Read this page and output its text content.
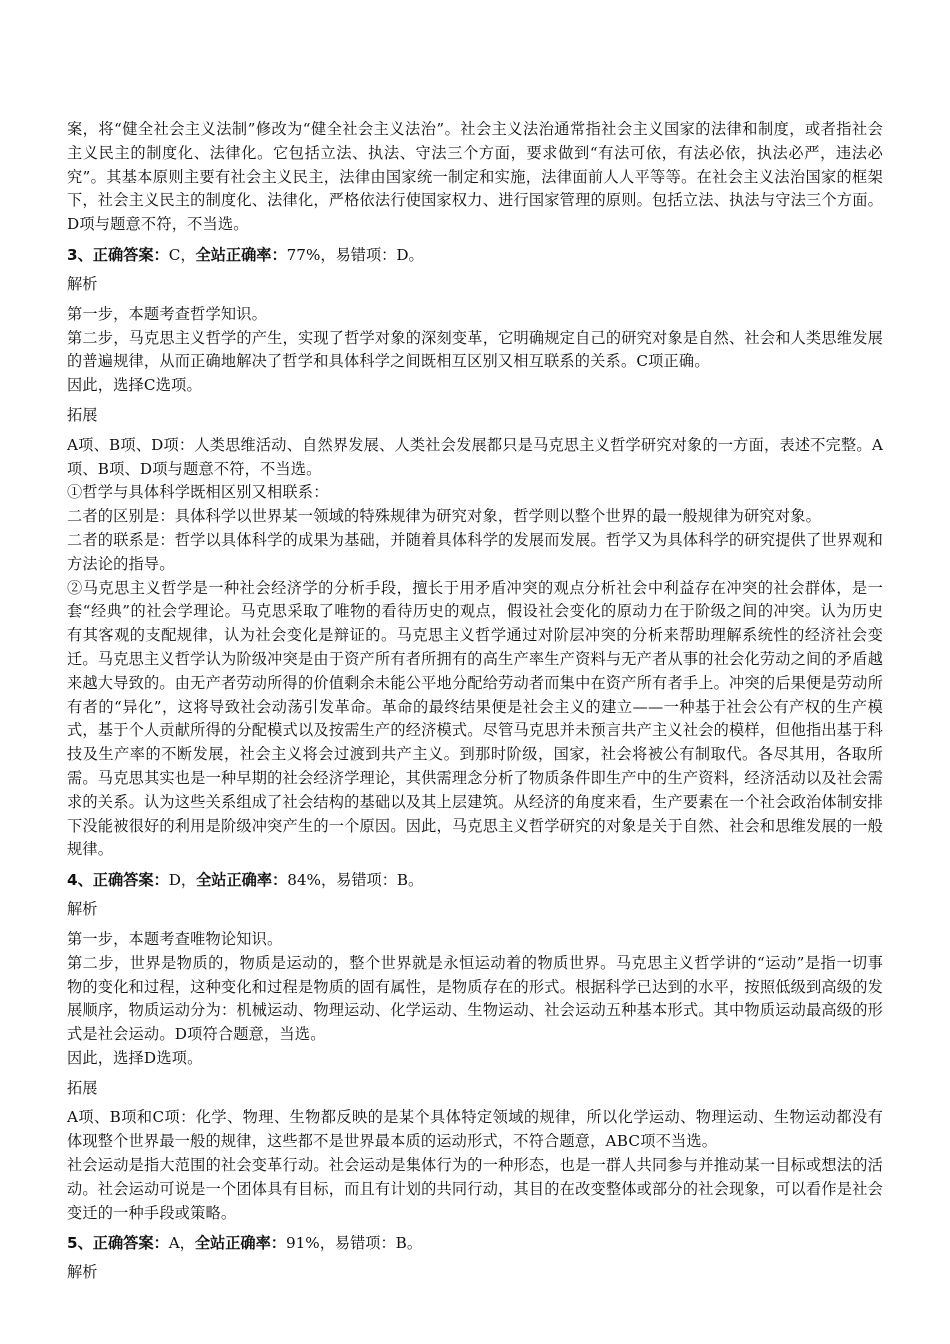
案，将“健全社会主义法制”修改为“健全社会主义法治”。社会主义法治通常指社会主义国家的法律和制度，或者指社会主义民主的制度化、法律化。它包括立法、执法、守法三个方面，要求做到“有法可依，有法必依，执法必严，违法必究”。其基本原则主要有社会主义民主，法律由国家统一制定和实施，法律面前人人平等等。在社会主义法治国家的框架下，社会主义民主的制度化、法律化，严格依法行使国家权力、进行国家管理的原则。包括立法、执法与守法三个方面。D项与题意不符，不当选。

3、正确答案：C，全站正确率：77%，易错项：D。

解析

第一步，本题考查哲学知识。

第二步，马克思主义哲学的产生，实现了哲学对象的深刻变革，它明确规定自己的研究对象是自然、社会和人类思维发展的普遍规律，从而正确地解决了哲学和具体科学之间既相互区别又相互联系的关系。C项正确。

因此，选择C选项。

拓展

A项、B项、D项：人类思维活动、自然界发展、人类社会发展都只是马克思主义哲学研究对象的一方面，表述不完整。A项、B项、D项与题意不符，不当选。

①哲学与具体科学既相区别又相联系：

二者的区别是：具体科学以世界某一领域的特殊规律为研究对象，哲学则以整个世界的最一般规律为研究对象。

二者的联系是：哲学以具体科学的成果为基础，并随着具体科学的发展而发展。哲学又为具体科学的研究提供了世界观和方法论的指导。

②马克思主义哲学是一种社会经济学的分析手段，擅长于用矛盾冲突的观点分析社会中利益存在冲突的社会群体，是一套“经典”的社会学理论。马克思采取了唯物的看待历史的观点，假设社会变化的原动力在于阶级之间的冲突。认为历史有其客观的支配规律，认为社会变化是辩证的。马克思主义哲学通过对阶层冲突的分析来帮助理解系统性的经济社会变迁。马克思主义哲学认为阶级冲突是由于资产所有者所拥有的高生产率生产资料与无产者从事的社会化劳动之间的矛盾越来越大导致的。由无产者劳动所得的价值剩余未能公平地分配给劳动者而集中在资产所有者手上。冲突的后果便是劳动所有者的“异化”，这将导致社会动荡引发革命。革命的最终结果便是社会主义的建立——一种基于社会公有产权的生产模式，基于个人贡献所得的分配模式以及按需生产的经济模式。尽管马克思并未预言共产主义社会的模样，但他指出基于科技及生产率的不断发展，社会主义将会过渡到共产主义。到那时阶级，国家，社会将被公有制取代。各尽其用，各取所需。马克思其实也是一种早期的社会经济学理论，其供需理念分析了物质条件即生产中的生产资料，经济活动以及社会需求的关系。认为这些关系组成了社会结构的基础以及其上层建筑。从经济的角度来看，生产要素在一个社会政治体制安排下没能被很好的利用是阶级冲突产生的一个原因。因此，马克思主义哲学研究的对象是关于自然、社会和思维发展的一般规律。

4、正确答案：D，全站正确率：84%，易错项：B。

解析

第一步，本题考查唯物论知识。

第二步，世界是物质的，物质是运动的，整个世界就是永恒运动着的物质世界。马克思主义哲学讲的“运动”是指一切事物的变化和过程，这种变化和过程是物质的固有属性，是物质存在的形式。根据科学已达到的水平，按照低级到高级的发展顺序，物质运动分为：机械运动、物理运动、化学运动、生物运动、社会运动五种基本形式。其中物质运动最高级的形式是社会运动。D项符合题意，当选。

因此，选择D选项。

拓展

A项、B项和C项：化学、物理、生物都反映的是某个具体特定领域的规律，所以化学运动、物理运动、生物运动都没有体现整个世界最一般的规律，这些都不是世界最本质的运动形式，不符合题意，ABC项不当选。

社会运动是指大范围的社会变革行动。社会运动是集体行为的一种形态，也是一群人共同参与并推动某一目标或想法的活动。社会运动可说是一个团体具有目标，而且有计划的共同行动，其目的在改变整体或部分的社会现象，可以看作是社会变迁的一种手段或策略。

5、正确答案：A，全站正确率：91%，易错项：B。

解析
